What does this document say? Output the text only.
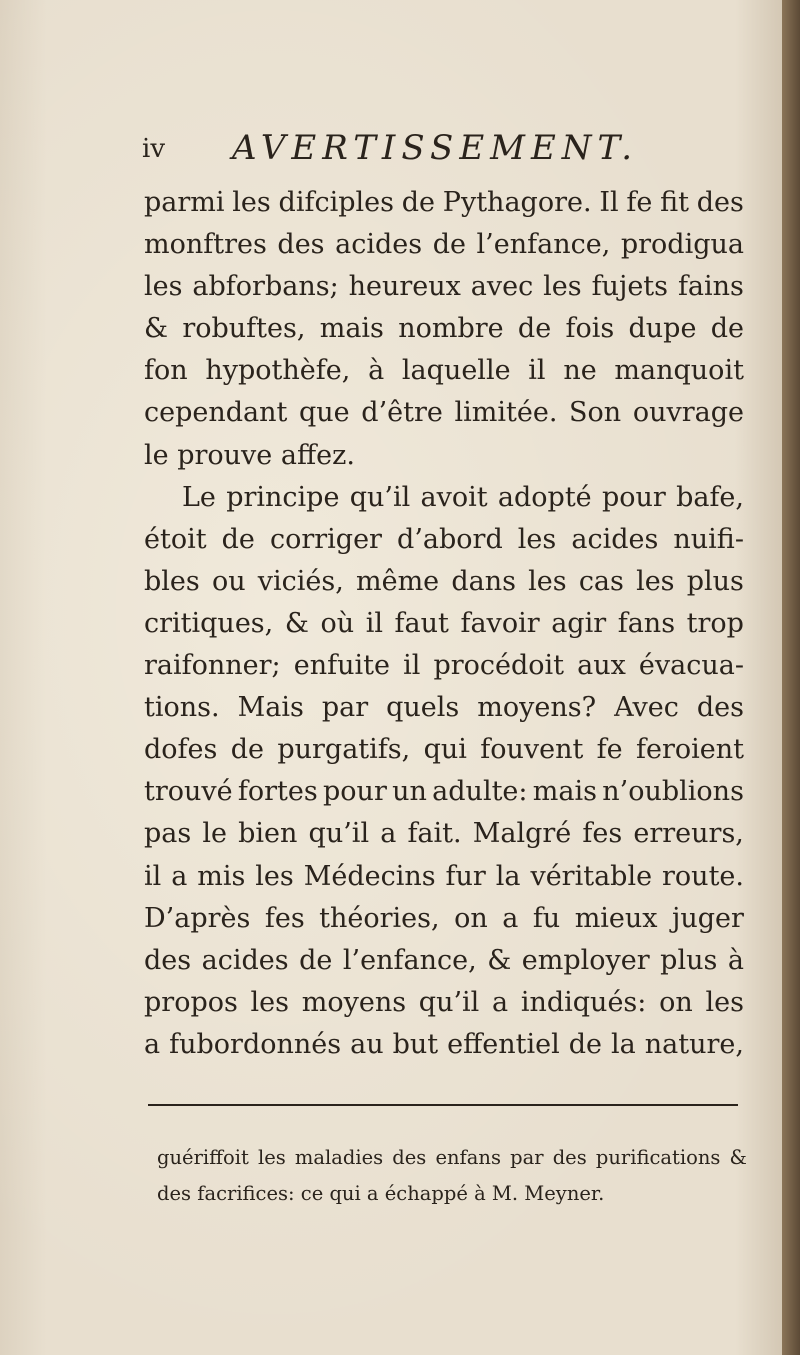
iv AVERTISSEMENT.
parmi les difciples de Pythagore. Il fe fit des
monftres des acides de l’enfance, prodigua
les abforbans; heureux avec les fujets fains
& robuftes, mais nombre de fois dupe de
fon hypothèfe, à laquelle il ne manquoit
cependant que d’être limitée. Son ouvrage
le prouve affez.
Le principe qu’il avoit adopté pour bafe,
étoit de corriger d’abord les acides nuifi-
bles ou viciés, même dans les cas les plus
critiques, & où il faut favoir agir fans trop
raifonner; enfuite il procédoit aux évacua-
tions. Mais par quels moyens? Avec des
dofes de purgatifs, qui fouvent fe feroient
trouvé fortes pour un adulte: mais n’oublions
pas le bien qu’il a fait. Malgré fes erreurs,
il a mis les Médecins fur la véritable route.
D’après fes théories, on a fu mieux juger
des acides de l’enfance, & employer plus à
propos les moyens qu’il a indiqués: on les
a fubordonnés au but effentiel de la nature,
guériffoit les maladies des enfans par des purifications &
des facrifices: ce qui a échappé à M. Meyner.
